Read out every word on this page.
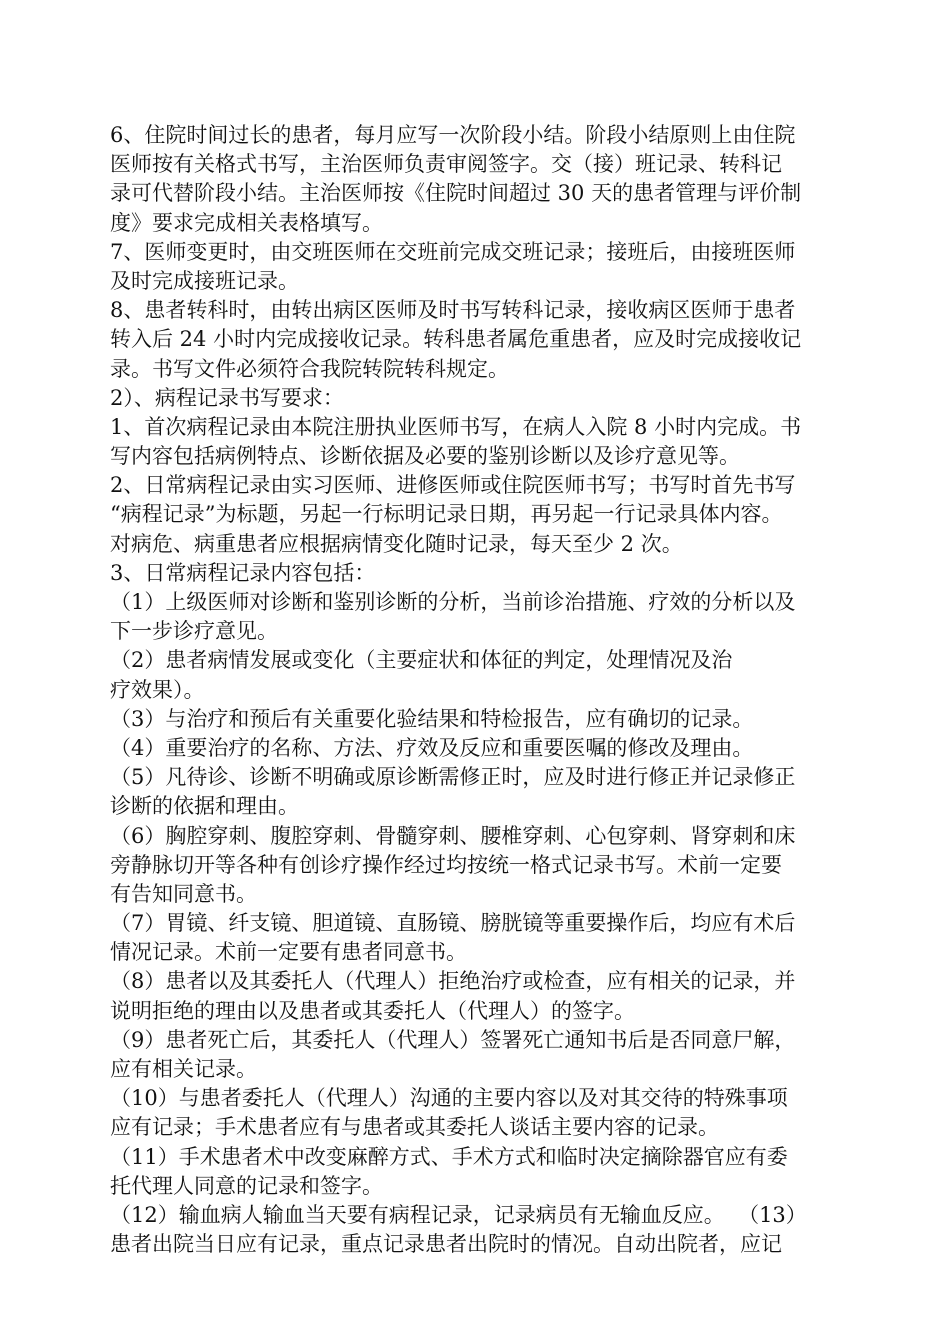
6、住院时间过长的患者，每月应写一次阶段小结。阶段小结原则上由住院
医师按有关格式书写，主治医师负责审阅签字。交（接）班记录、转科记
录可代替阶段小结。主治医师按《住院时间超过 30 天的患者管理与评价制
度》要求完成相关表格填写。
7、医师变更时，由交班医师在交班前完成交班记录；接班后，由接班医师
及时完成接班记录。
8、患者转科时，由转出病区医师及时书写转科记录，接收病区医师于患者
转入后 24 小时内完成接收记录。转科患者属危重患者，应及时完成接收记
录。书写文件必须符合我院转院转科规定。
2）、病程记录书写要求：
1、首次病程记录由本院注册执业医师书写，在病人入院 8 小时内完成。书
写内容包括病例特点、诊断依据及必要的鉴别诊断以及诊疗意见等。
2、日常病程记录由实习医师、进修医师或住院医师书写；书写时首先书写
“病程记录”为标题，另起一行标明记录日期，再另起一行记录具体内容。
对病危、病重患者应根据病情变化随时记录，每天至少 2 次。
3、日常病程记录内容包括：
（1）上级医师对诊断和鉴别诊断的分析，当前诊治措施、疗效的分析以及
下一步诊疗意见。
（2）患者病情发展或变化（主要症状和体征的判定，处理情况及治
疗效果）。
（3）与治疗和预后有关重要化验结果和特检报告，应有确切的记录。
（4）重要治疗的名称、方法、疗效及反应和重要医嘱的修改及理由。
（5）凡待诊、诊断不明确或原诊断需修正时，应及时进行修正并记录修正
诊断的依据和理由。
（6）胸腔穿刺、腹腔穿刺、骨髓穿刺、腰椎穿刺、心包穿刺、肾穿刺和床
旁静脉切开等各种有创诊疗操作经过均按统一格式记录书写。术前一定要
有告知同意书。
（7）胃镜、纤支镜、胆道镜、直肠镜、膀胱镜等重要操作后，均应有术后
情况记录。术前一定要有患者同意书。
（8）患者以及其委托人（代理人）拒绝治疗或检查，应有相关的记录，并
说明拒绝的理由以及患者或其委托人（代理人）的签字。
（9）患者死亡后，其委托人（代理人）签署死亡通知书后是否同意尸解，
应有相关记录。
（10）与患者委托人（代理人）沟通的主要内容以及对其交待的特殊事项
应有记录；手术患者应有与患者或其委托人谈话主要内容的记录。
（11）手术患者术中改变麻醉方式、手术方式和临时决定摘除器官应有委
托代理人同意的记录和签字。
（12）输血病人输血当天要有病程记录，记录病员有无输血反应。  （13）
患者出院当日应有记录，重点记录患者出院时的情况。自动出院者，应记
